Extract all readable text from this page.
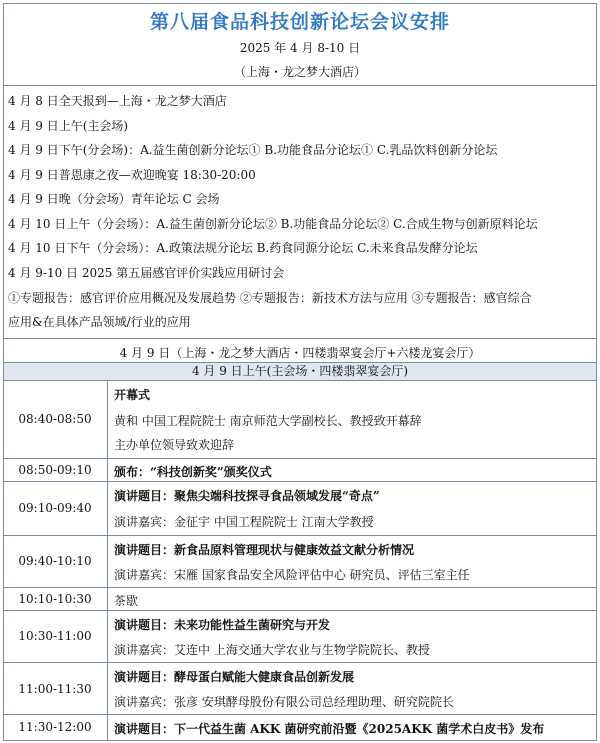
第八届食品科技创新论坛会议安排
2025 年 4 月 8-10 日
（上海・龙之梦大酒店）
4 月 8 日全天报到—上海・龙之梦大酒店
4 月 9 日上午(主会场)
4 月 9 日下午(分会场)：A.益生菌创新分论坛① B.功能食品分论坛① C.乳品饮料创新分论坛
4 月 9 日普恩康之夜—欢迎晚宴 18:30-20:00
4 月 9 日晚（分会场）青年论坛 C 会场
4 月 10 日上午（分会场）：A.益生菌创新分论坛② B.功能食品分论坛② C.合成生物与创新原料论坛
4 月 10 日下午（分会场）：A.政策法规分论坛 B.药食同源分论坛 C.未来食品发酵分论坛
4 月 9-10 日 2025 第五届感官评价实践应用研讨会
①专题报告：感官评价应用概况及发展趋势 ②专题报告：新技术方法与应用 ③专题报告：感官综合
应用&在具体产品领域/行业的应用
4 月 9 日（上海・龙之梦大酒店・四楼翡翠宴会厅+六楼龙宴会厅）
4 月 9 日上午(主会场・四楼翡翠宴会厅)
08:40-08:50
开幕式
黄和 中国工程院院士 南京师范大学副校长、教授致开幕辞
主办单位领导致欢迎辞
08:50-09:10	颁布：“科技创新奖”颁奖仪式
09:10-09:40
演讲题目：聚焦尖端科技探寻食品领域发展“奇点”
演讲嘉宾：金征宇 中国工程院院士 江南大学教授
09:40-10:10
演讲题目：新食品原料管理现状与健康效益文献分析情况
演讲嘉宾：宋雁 国家食品安全风险评估中心 研究员、评估三室主任
10:10-10:30	茶歇
10:30-11:00
演讲题目：未来功能性益生菌研究与开发
演讲嘉宾：艾连中 上海交通大学农业与生物学院院长、教授
11:00-11:30
演讲题目：酵母蛋白赋能大健康食品创新发展
演讲嘉宾：张彦 安琪酵母股份有限公司总经理助理、研究院院长
11:30-12:00	演讲题目：下一代益生菌 AKK 菌研究前沿暨《2025AKK 菌学术白皮书》发布
